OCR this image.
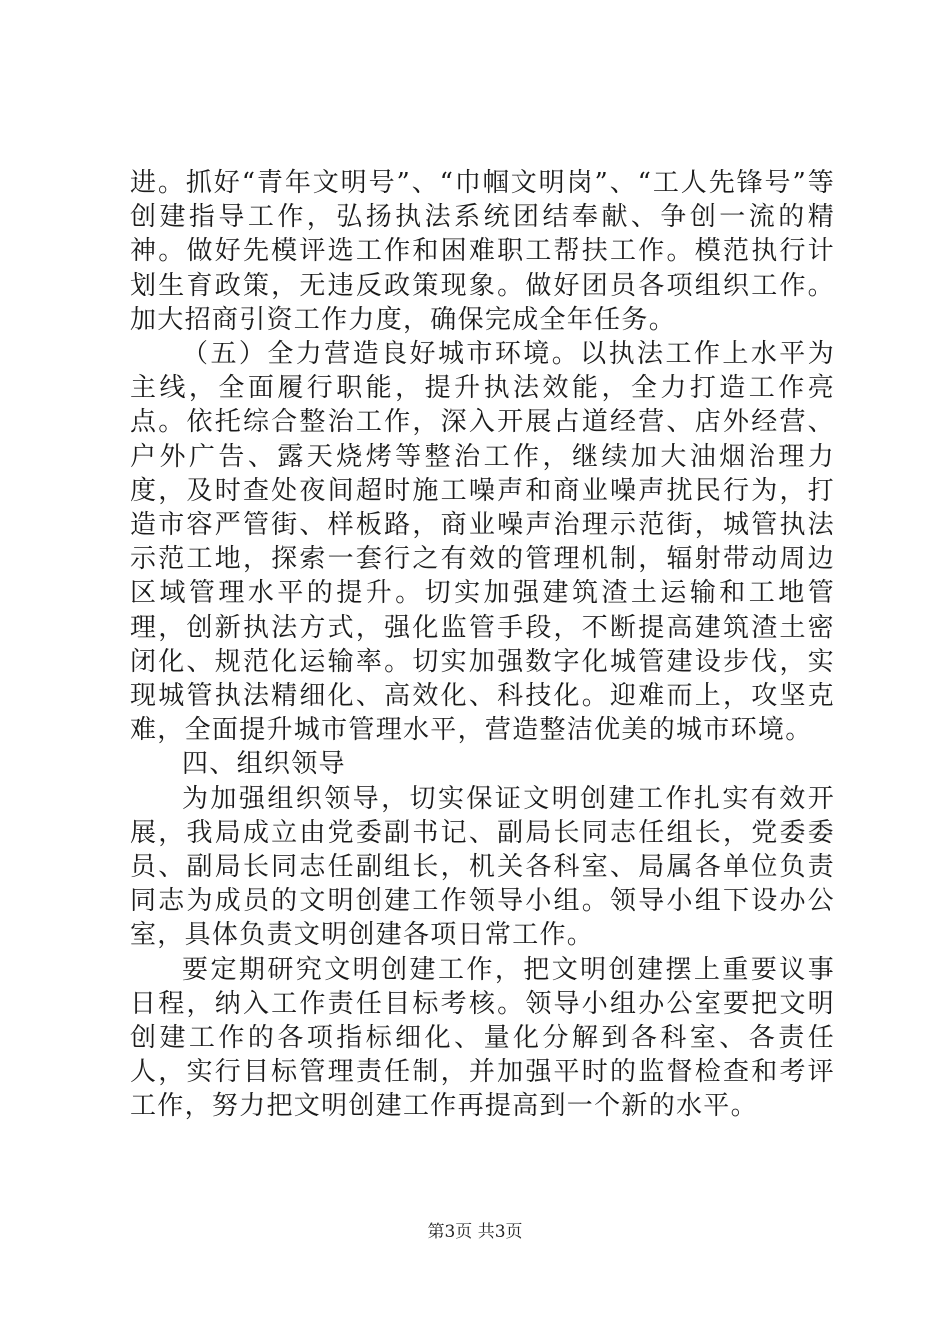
进。抓好“青年文明号”、“巾帼文明岗”、“工人先锋号”等创建指导工作，弘扬执法系统团结奉献、争创一流的精神。做好先模评选工作和困难职工帮扶工作。模范执行计划生育政策，无违反政策现象。做好团员各项组织工作。加大招商引资工作力度，确保完成全年任务。

（五）全力营造良好城市环境。以执法工作上水平为主线，全面履行职能，提升执法效能，全力打造工作亮点。依托综合整治工作，深入开展占道经营、店外经营、户外广告、露天烧烤等整治工作，继续加大油烟治理力度，及时查处夜间超时施工噪声和商业噪声扰民行为，打造市容严管街、样板路，商业噪声治理示范街，城管执法示范工地，探索一套行之有效的管理机制，辐射带动周边区域管理水平的提升。切实加强建筑渣土运输和工地管理，创新执法方式，强化监管手段，不断提高建筑渣土密闭化、规范化运输率。切实加强数字化城管建设步伐，实现城管执法精细化、高效化、科技化。迎难而上，攻坚克难，全面提升城市管理水平，营造整洁优美的城市环境。

四、组织领导

为加强组织领导，切实保证文明创建工作扎实有效开展，我局成立由党委副书记、副局长同志任组长，党委委员、副局长同志任副组长，机关各科室、局属各单位负责同志为成员的文明创建工作领导小组。领导小组下设办公室，具体负责文明创建各项日常工作。

要定期研究文明创建工作，把文明创建摆上重要议事日程，纳入工作责任目标考核。领导小组办公室要把文明创建工作的各项指标细化、量化分解到各科室、各责任人，实行目标管理责任制，并加强平时的监督检查和考评工作，努力把文明创建工作再提高到一个新的水平。

第3页 共3页
